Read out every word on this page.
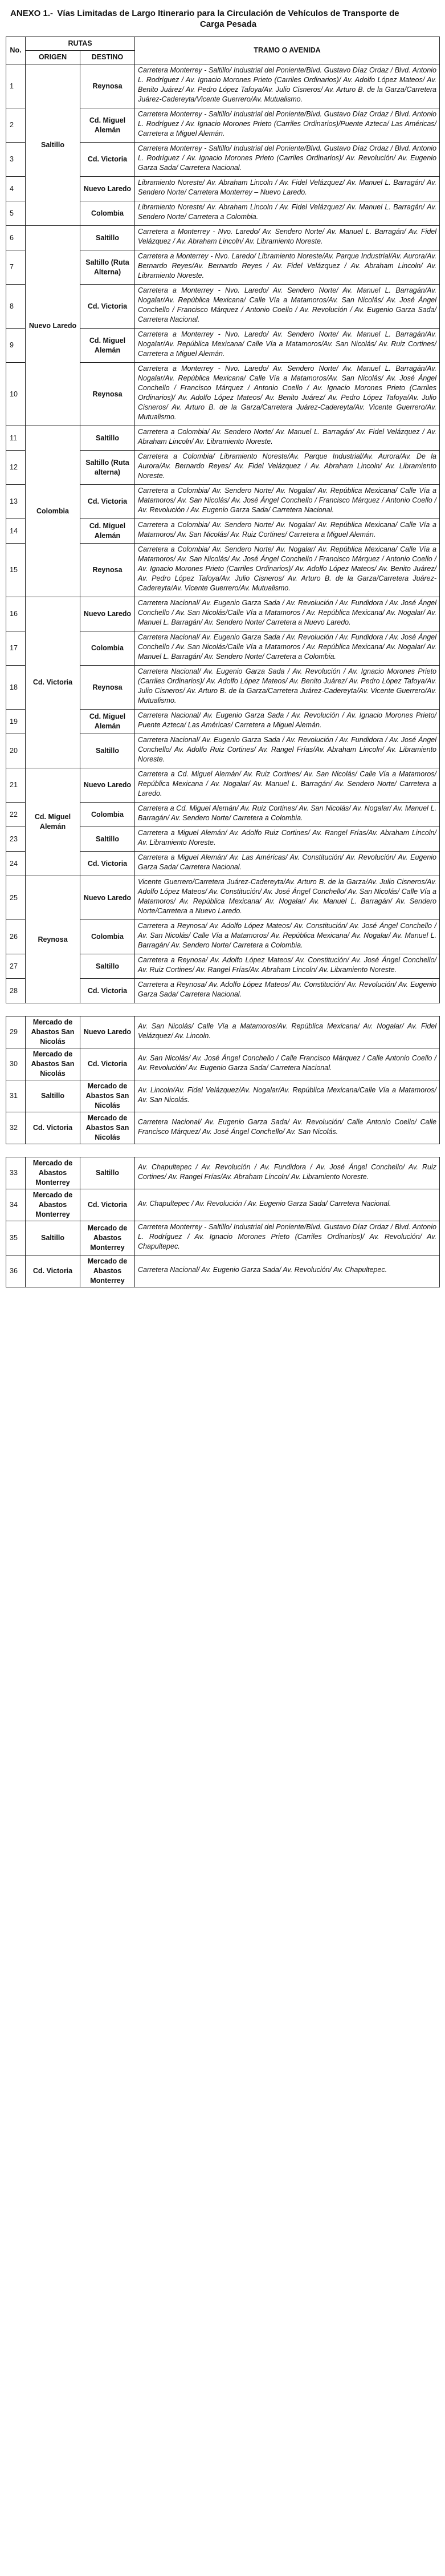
ANEXO 1.- Vías Limitadas de Largo Itinerario para la Circulación de Vehículos de Transporte de Carga Pesada
No.	RUTAS		TRAMO O AVENIDA
	ORIGEN	DESTINO	
1	Saltillo	Reynosa	Carretera Monterrey - Saltillo/ Industrial del Poniente/Blvd. Gustavo Díaz Ordaz / Blvd. Antonio L. Rodríguez / Av. Ignacio Morones Prieto (Carriles Ordinarios)/ Av. Adolfo López Mateos/ Av. Benito Juárez/ Av. Pedro López Tafoya/Av. Julio Cisneros/ Av. Arturo B. de la Garza/Carretera Juárez-Cadereyta/Vicente Guerrero/Av. Mutualismo.
2		Cd. Miguel Alemán	Carretera Monterrey - Saltillo/ Industrial del Poniente/Blvd. Gustavo Díaz Ordaz / Blvd. Antonio L. Rodríguez / Av. Ignacio Morones Prieto (Carriles Ordinarios)/Puente Azteca/ Las Américas/ Carretera a Miguel Alemán.
3		Cd. Victoria	Carretera Monterrey - Saltillo/ Industrial del Poniente/Blvd. Gustavo Díaz Ordaz / Blvd. Antonio L. Rodríguez / Av. Ignacio Morones Prieto (Carriles Ordinarios)/ Av. Revolución/ Av. Eugenio Garza Sada/ Carretera Nacional.
4		Nuevo Laredo	Libramiento Noreste/ Av. Abraham Lincoln / Av. Fidel Velázquez/ Av. Manuel L. Barragán/ Av. Sendero Norte/ Carretera Monterrey – Nuevo Laredo.
5		Colombia	Libramiento Noreste/ Av. Abraham Lincoln / Av. Fidel Velázquez/ Av. Manuel L. Barragán/ Av. Sendero Norte/ Carretera a Colombia.
6	Nuevo Laredo	Saltillo	Carretera a Monterrey - Nvo. Laredo/ Av. Sendero Norte/ Av. Manuel L. Barragán/ Av. Fidel Velázquez / Av. Abraham Lincoln/ Av. Libramiento Noreste.
7		Saltillo (Ruta Alterna)	Carretera a Monterrey - Nvo. Laredo/ Libramiento Noreste/Av. Parque Industrial/Av. Aurora/Av. Bernardo Reyes/Av. Bernardo Reyes / Av. Fidel Velázquez / Av. Abraham Lincoln/ Av. Libramiento Noreste.
8		Cd. Victoria	Carretera a Monterrey - Nvo. Laredo/ Av. Sendero Norte/ Av. Manuel L. Barragán/Av. Nogalar/Av. República Mexicana/ Calle Vía a Matamoros/Av. San Nicolás/ Av. José Ángel Conchello / Francisco Márquez / Antonio Coello / Av. Revolución / Av. Eugenio Garza Sada/ Carretera Nacional.
9		Cd. Miguel Alemán	Carretera a Monterrey - Nvo. Laredo/ Av. Sendero Norte/ Av. Manuel L. Barragán/Av. Nogalar/Av. República Mexicana/ Calle Vía a Matamoros/Av. San Nicolás/ Av. Ruiz Cortines/ Carretera a Miguel Alemán.
10		Reynosa	Carretera a Monterrey - Nvo. Laredo/ Av. Sendero Norte/ Av. Manuel L. Barragán/Av. Nogalar/Av. República Mexicana/ Calle Vía a Matamoros/Av. San Nicolás/ Av. José Ángel Conchello / Francisco Márquez / Antonio Coello / Av. Ignacio Morones Prieto (Carriles Ordinarios)/ Av. Adolfo López Mateos/ Av. Benito Juárez/ Av. Pedro López Tafoya/Av. Julio Cisneros/ Av. Arturo B. de la Garza/Carretera Juárez-Cadereyta/Av. Vicente Guerrero/Av. Mutualismo.
11	Colombia	Saltillo	Carretera a Colombia/ Av. Sendero Norte/ Av. Manuel L. Barragán/ Av. Fidel Velázquez / Av. Abraham Lincoln/ Av. Libramiento Noreste.
12		Saltillo (Ruta alterna)	Carretera a Colombia/ Libramiento Noreste/Av. Parque Industrial/Av. Aurora/Av. De la Aurora/Av. Bernardo Reyes/ Av. Fidel Velázquez / Av. Abraham Lincoln/ Av. Libramiento Noreste.
13		Cd. Victoria	Carretera a Colombia/ Av. Sendero Norte/ Av. Nogalar/ Av. República Mexicana/ Calle Vía a Matamoros/ Av. San Nicolás/ Av. José Ángel Conchello / Francisco Márquez / Antonio Coello / Av. Revolución / Av. Eugenio Garza Sada/ Carretera Nacional.
14		Cd. Miguel Alemán	Carretera a Colombia/ Av. Sendero Norte/ Av. Nogalar/ Av. República Mexicana/ Calle Vía a Matamoros/ Av. San Nicolás/ Av. Ruiz Cortines/ Carretera a Miguel Alemán.
15		Reynosa	Carretera a Colombia/ Av. Sendero Norte/ Av. Nogalar/ Av. República Mexicana/ Calle Vía a Matamoros/ Av. San Nicolás/ Av. José Ángel Conchello / Francisco Márquez / Antonio Coello / Av. Ignacio Morones Prieto (Carriles Ordinarios)/ Av. Adolfo López Mateos/ Av. Benito Juárez/ Av. Pedro López Tafoya/Av. Julio Cisneros/ Av. Arturo B. de la Garza/Carretera Juárez-Cadereyta/Av. Vicente Guerrero/Av. Mutualismo.
16	Cd. Victoria	Nuevo Laredo	Carretera Nacional/ Av. Eugenio Garza Sada / Av. Revolución / Av. Fundidora / Av. José Ángel Conchello / Av. San Nicolás/Calle Vía a Matamoros / Av. República Mexicana/ Av. Nogalar/ Av. Manuel L. Barragán/ Av. Sendero Norte/ Carretera a Nuevo Laredo.
17		Colombia	Carretera Nacional/ Av. Eugenio Garza Sada / Av. Revolución / Av. Fundidora / Av. José Ángel Conchello / Av. San Nicolás/Calle Vía a Matamoros / Av. República Mexicana/ Av. Nogalar/ Av. Manuel L. Barragán/ Av. Sendero Norte/ Carretera a Colombia.
18		Reynosa	Carretera Nacional/ Av. Eugenio Garza Sada / Av. Revolución / Av. Ignacio Morones Prieto (Carriles Ordinarios)/ Av. Adolfo López Mateos/ Av. Benito Juárez/ Av. Pedro López Tafoya/Av. Julio Cisneros/ Av. Arturo B. de la Garza/Carretera Juárez-Cadereyta/Av. Vicente Guerrero/Av. Mutualismo.
19		Cd. Miguel Alemán	Carretera Nacional/ Av. Eugenio Garza Sada / Av. Revolución / Av. Ignacio Morones Prieto/ Puente Azteca/ Las Américas/ Carretera a Miguel Alemán.
20		Saltillo	Carretera Nacional/ Av. Eugenio Garza Sada / Av. Revolución / Av. Fundidora / Av. José Ángel Conchello/ Av. Adolfo Ruiz Cortines/ Av. Rangel Frías/Av. Abraham Lincoln/ Av. Libramiento Noreste.
21	Cd. Miguel Alemán	Nuevo Laredo	Carretera a Cd. Miguel Alemán/ Av. Ruiz Cortines/ Av. San Nicolás/ Calle Vía a Matamoros/ República Mexicana / Av. Nogalar/ Av. Manuel L. Barragán/ Av. Sendero Norte/ Carretera a Laredo.
22		Colombia	Carretera a Cd. Miguel Alemán/ Av. Ruiz Cortines/ Av. San Nicolás/ Av. Nogalar/ Av. Manuel L. Barragán/ Av. Sendero Norte/ Carretera a Colombia.
23		Saltillo	Carretera a Miguel Alemán/ Av. Adolfo Ruiz Cortines/ Av. Rangel Frías/Av. Abraham Lincoln/ Av. Libramiento Noreste.
24		Cd. Victoria	Carretera a Miguel Alemán/ Av. Las Américas/ Av. Constitución/ Av. Revolución/ Av. Eugenio Garza Sada/ Carretera Nacional.
25	Reynosa	Nuevo Laredo	Vicente Guerrero/Carretera Juárez-Cadereyta/Av. Arturo B. de la Garza/Av. Julio Cisneros/Av. Adolfo López Mateos/ Av. Constitución/ Av. José Ángel Conchello/ Av. San Nicolás/ Calle Vía a Matamoros/ Av. República Mexicana/ Av. Nogalar/ Av. Manuel L. Barragán/ Av. Sendero Norte/Carretera a Nuevo Laredo.
26		Colombia	Carretera a Reynosa/ Av. Adolfo López Mateos/ Av. Constitución/ Av. José Ángel Conchello / Av. San Nicolás/ Calle Vía a Matamoros/ Av. República Mexicana/ Av. Nogalar/ Av. Manuel L. Barragán/ Av. Sendero Norte/ Carretera a Colombia.
27		Saltillo	Carretera a Reynosa/ Av. Adolfo López Mateos/ Av. Constitución/ Av. José Ángel Conchello/ Av. Ruiz Cortines/ Av. Rangel Frías/Av. Abraham Lincoln/ Av. Libramiento Noreste.
28		Cd. Victoria	Carretera a Reynosa/ Av. Adolfo López Mateos/ Av. Constitución/ Av. Revolución/ Av. Eugenio Garza Sada/ Carretera Nacional.
29	Mercado de Abastos San Nicolás	Nuevo Laredo	Av. San Nicolás/ Calle Vía a Matamoros/Av. República Mexicana/ Av. Nogalar/ Av. Fidel Velázquez/ Av. Lincoln.
30	Mercado de Abastos San Nicolás	Cd. Victoria	Av. San Nicolás/ Av. José Ángel Conchello / Calle Francisco Márquez / Calle Antonio Coello / Av. Revolución/ Av. Eugenio Garza Sada/ Carretera Nacional.
31	Saltillo	Mercado de Abastos San Nicolás	Av. Lincoln/Av. Fidel Velázquez/Av. Nogalar/Av. República Mexicana/Calle Vía a Matamoros/ Av. San Nicolás.
32	Cd. Victoria	Mercado de Abastos San Nicolás	Carretera Nacional/ Av. Eugenio Garza Sada/ Av. Revolución/ Calle Antonio Coello/ Calle Francisco Márquez/ Av. José Ángel Conchello/ Av. San Nicolás.
33	Mercado de Abastos Monterrey	Saltillo	Av. Chapultepec / Av. Revolución / Av. Fundidora / Av. José Ángel Conchello/ Av. Ruiz Cortines/ Av. Rangel Frías/Av. Abraham Lincoln/ Av. Libramiento Noreste.
34	Mercado de Abastos Monterrey	Cd. Victoria	Av. Chapultepec / Av. Revolución / Av. Eugenio Garza Sada/ Carretera Nacional.
35	Saltillo	Mercado de Abastos Monterrey	Carretera Monterrey - Saltillo/ Industrial del Poniente/Blvd. Gustavo Díaz Ordaz / Blvd. Antonio L. Rodríguez / Av. Ignacio Morones Prieto (Carriles Ordinarios)/ Av. Revolución/ Av. Chapultepec.
36	Cd. Victoria	Mercado de Abastos Monterrey	Carretera Nacional/ Av. Eugenio Garza Sada/ Av. Revolución/ Av. Chapultepec.
